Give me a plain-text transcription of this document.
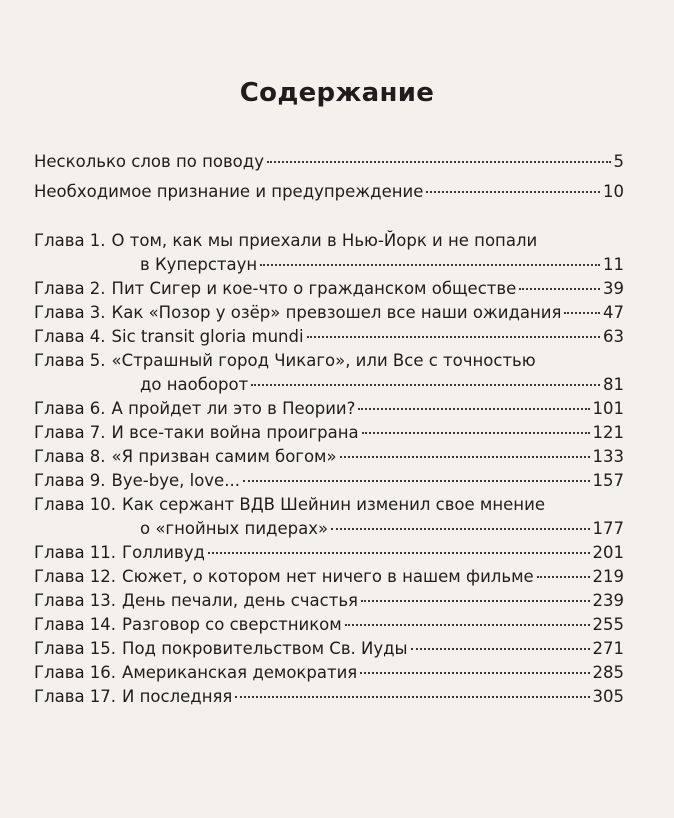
Содержание
Несколько слов по поводу	5
Необходимое признание и предупреждение	10
Глава 1. О том, как мы приехали в Нью-Йорк и не попали
в Куперстаун	11
Глава 2. Пит Сигер и кое-что о гражданском обществе	39
Глава 3. Как «Позор у озёр» превзошел все наши ожидания	47
Глава 4. Sic transit gloria mundi	63
Глава 5. «Страшный город Чикаго», или Все с точностью
до наоборот	81
Глава 6. А пройдет ли это в Пеории?	101
Глава 7. И все-таки война проиграна	121
Глава 8. «Я призван самим богом»	133
Глава 9. Bye-bye, love...	157
Глава 10. Как сержант ВДВ Шейнин изменил свое мнение
о «гнойных пидерах»	177
Глава 11. Голливуд	201
Глава 12. Сюжет, о котором нет ничего в нашем фильме	219
Глава 13. День печали, день счастья	239
Глава 14. Разговор со сверстником	255
Глава 15. Под покровительством Св. Иуды	271
Глава 16. Американская демократия	285
Глава 17. И последняя	305
